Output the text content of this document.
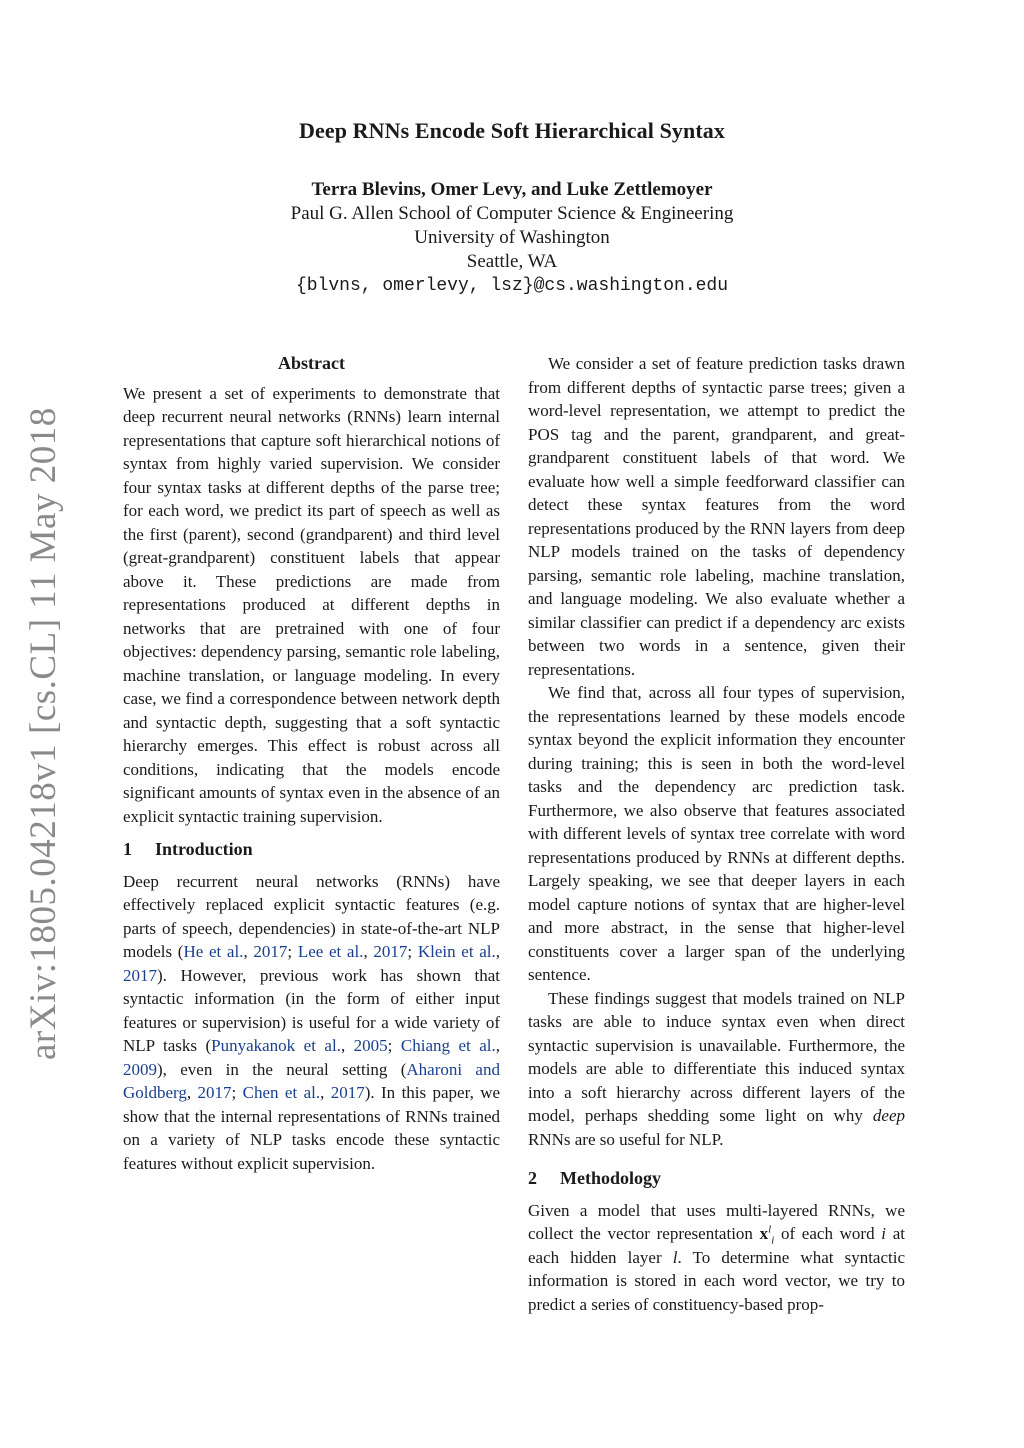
arXiv:1805.04218v1 [cs.CL] 11 May 2018
Deep RNNs Encode Soft Hierarchical Syntax
Terra Blevins, Omer Levy, and Luke Zettlemoyer
Paul G. Allen School of Computer Science & Engineering
University of Washington
Seattle, WA
{blvns, omerlevy, lsz}@cs.washington.edu
Abstract

We present a set of experiments to demonstrate that deep recurrent neural networks (RNNs) learn internal representations that capture soft hierarchical notions of syntax from highly varied supervision. We consider four syntax tasks at different depths of the parse tree; for each word, we predict its part of speech as well as the first (parent), second (grandparent) and third level (great-grandparent) constituent labels that appear above it. These predictions are made from representations produced at different depths in networks that are pretrained with one of four objectives: dependency parsing, semantic role labeling, machine translation, or language modeling. In every case, we find a correspondence between network depth and syntactic depth, suggesting that a soft syntactic hierarchy emerges. This effect is robust across all conditions, indicating that the models encode significant amounts of syntax even in the absence of an explicit syntactic training supervision.

1 Introduction

Deep recurrent neural networks (RNNs) have effectively replaced explicit syntactic features (e.g. parts of speech, dependencies) in state-of-the-art NLP models (He et al., 2017; Lee et al., 2017; Klein et al., 2017). However, previous work has shown that syntactic information (in the form of either input features or supervision) is useful for a wide variety of NLP tasks (Punyakanok et al., 2005; Chiang et al., 2009), even in the neural setting (Aharoni and Goldberg, 2017; Chen et al., 2017). In this paper, we show that the internal representations of RNNs trained on a variety of NLP tasks encode these syntactic features without explicit supervision.

We consider a set of feature prediction tasks drawn from different depths of syntactic parse trees; given a word-level representation, we attempt to predict the POS tag and the parent, grandparent, and great-grandparent constituent labels of that word. We evaluate how well a simple feedforward classifier can detect these syntax features from the word representations produced by the RNN layers from deep NLP models trained on the tasks of dependency parsing, semantic role labeling, machine translation, and language modeling. We also evaluate whether a similar classifier can predict if a dependency arc exists between two words in a sentence, given their representations.

We find that, across all four types of supervision, the representations learned by these models encode syntax beyond the explicit information they encounter during training; this is seen in both the word-level tasks and the dependency arc prediction task. Furthermore, we also observe that features associated with different levels of syntax tree correlate with word representations produced by RNNs at different depths. Largely speaking, we see that deeper layers in each model capture notions of syntax that are higher-level and more abstract, in the sense that higher-level constituents cover a larger span of the underlying sentence.

These findings suggest that models trained on NLP tasks are able to induce syntax even when direct syntactic supervision is unavailable. Furthermore, the models are able to differentiate this induced syntax into a soft hierarchy across different layers of the model, perhaps shedding some light on why deep RNNs are so useful for NLP.

2 Methodology

Given a model that uses multi-layered RNNs, we collect the vector representation $x^l_i$ of each word i at each hidden layer l. To determine what syntactic information is stored in each word vector, we try to predict a series of constituency-based prop-
